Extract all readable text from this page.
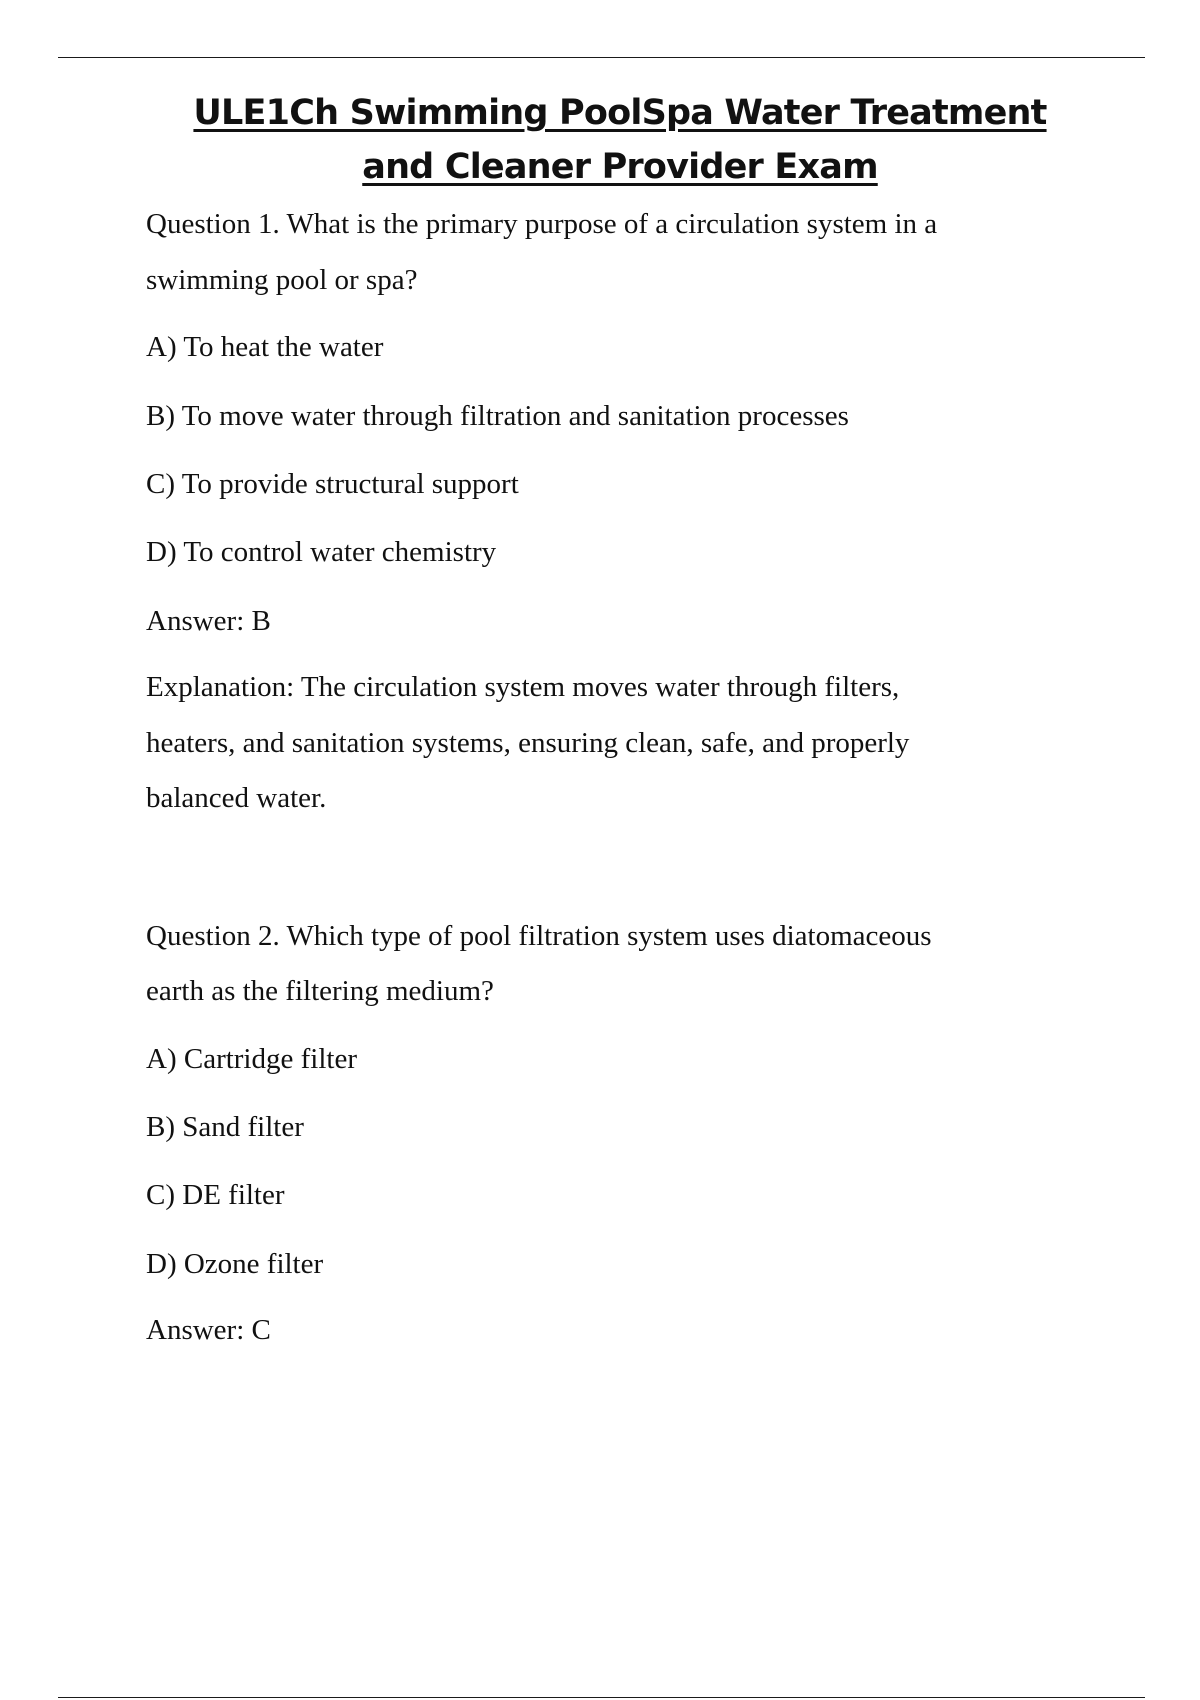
ULE1Ch Swimming PoolSpa Water Treatment
and Cleaner Provider Exam

Question 1. What is the primary purpose of a circulation system in a

swimming pool or spa?

A) To heat the water

B) To move water through filtration and sanitation processes

C) To provide structural support

D) To control water chemistry

Answer: B

Explanation: The circulation system moves water through filters,

heaters, and sanitation systems, ensuring clean, safe, and properly

balanced water.

Question 2. Which type of pool filtration system uses diatomaceous

earth as the filtering medium?

A) Cartridge filter

B) Sand filter

C) DE filter

D) Ozone filter

Answer: C
